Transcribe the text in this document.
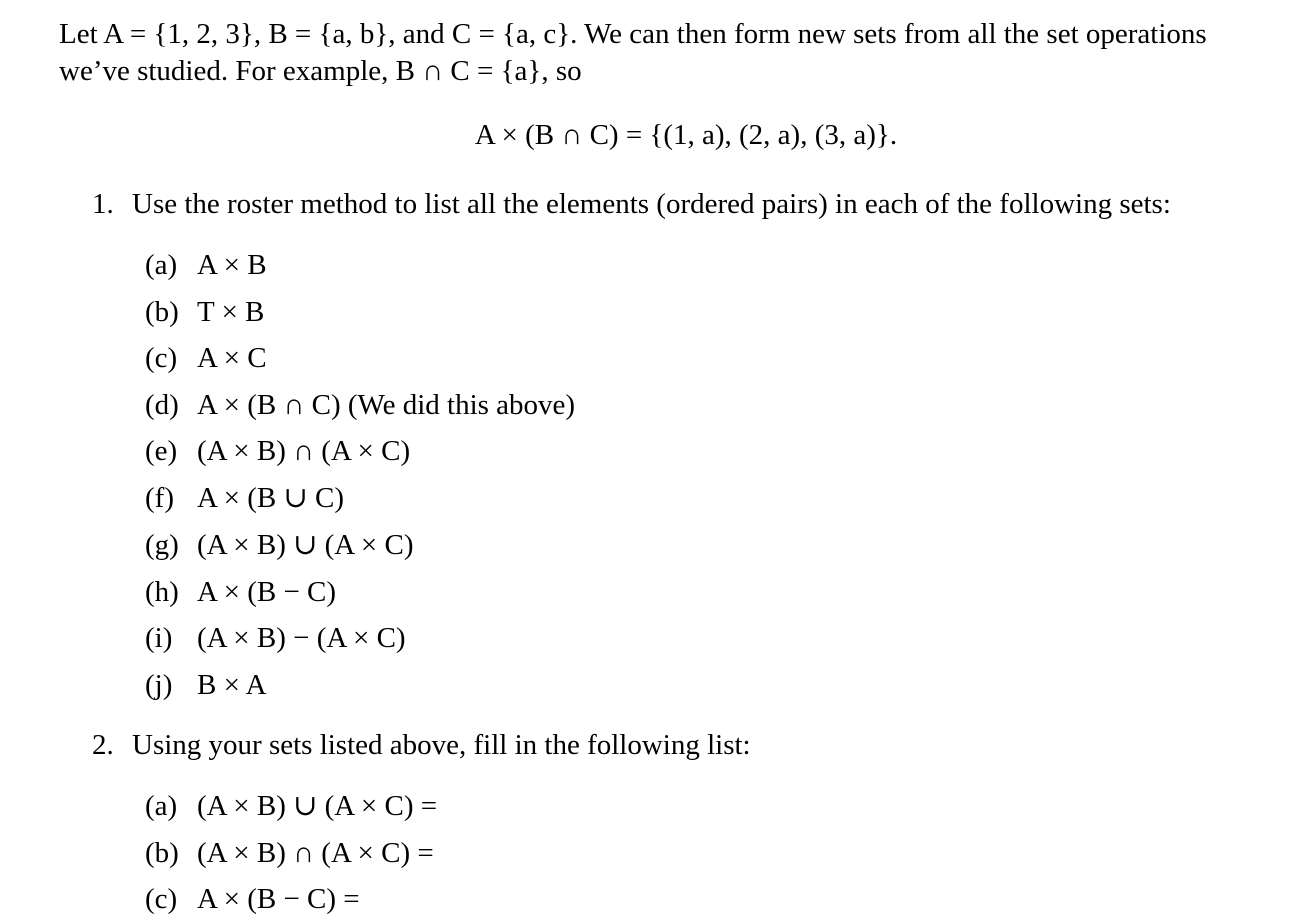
Let A = {1, 2, 3}, B = {a, b}, and C = {a, c}. We can then form new sets from all the set operations
we’ve studied. For example, B ∩ C = {a}, so
A × (B ∩ C) = {(1, a), (2, a), (3, a)}.
1. Use the roster method to list all the elements (ordered pairs) in each of the following sets:
(a) A × B
(b) T × B
(c) A × C
(d) A × (B ∩ C) (We did this above)
(e) (A × B) ∩ (A × C)
(f) A × (B ∪ C)
(g) (A × B) ∪ (A × C)
(h) A × (B − C)
(i) (A × B) − (A × C)
(j) B × A
2. Using your sets listed above, fill in the following list:
(a) (A × B) ∪ (A × C) =
(b) (A × B) ∩ (A × C) =
(c) A × (B − C) =
